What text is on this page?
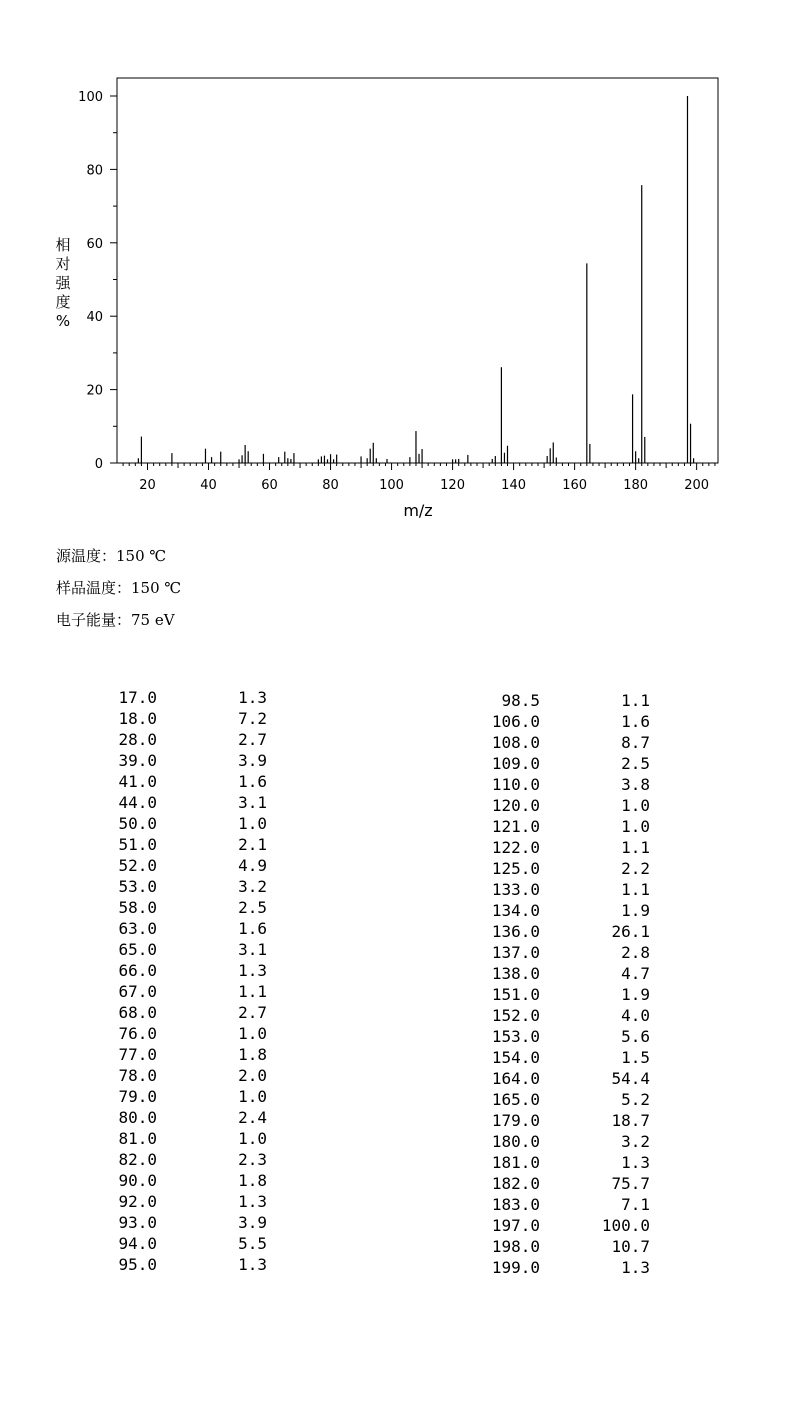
0
20
40
60
80
100
20	40	60	80	100	120	140	160	180	200
m/z
相
对
强
度
%
源温度：150 ℃
样品温度：150 ℃
电子能量：75 eV
17.0	1.3
18.0	7.2
28.0	2.7
39.0	3.9
41.0	1.6
44.0	3.1
50.0	1.0
51.0	2.1
52.0	4.9
53.0	3.2
58.0	2.5
63.0	1.6
65.0	3.1
66.0	1.3
67.0	1.1
68.0	2.7
76.0	1.0
77.0	1.8
78.0	2.0
79.0	1.0
80.0	2.4
81.0	1.0
82.0	2.3
90.0	1.8
92.0	1.3
93.0	3.9
94.0	5.5
95.0	1.3
98.5	1.1
106.0	1.6
108.0	8.7
109.0	2.5
110.0	3.8
120.0	1.0
121.0	1.0
122.0	1.1
125.0	2.2
133.0	1.1
134.0	1.9
136.0	26.1
137.0	2.8
138.0	4.7
151.0	1.9
152.0	4.0
153.0	5.6
154.0	1.5
164.0	54.4
165.0	5.2
179.0	18.7
180.0	3.2
181.0	1.3
182.0	75.7
183.0	7.1
197.0	100.0
198.0	10.7
199.0	1.3
